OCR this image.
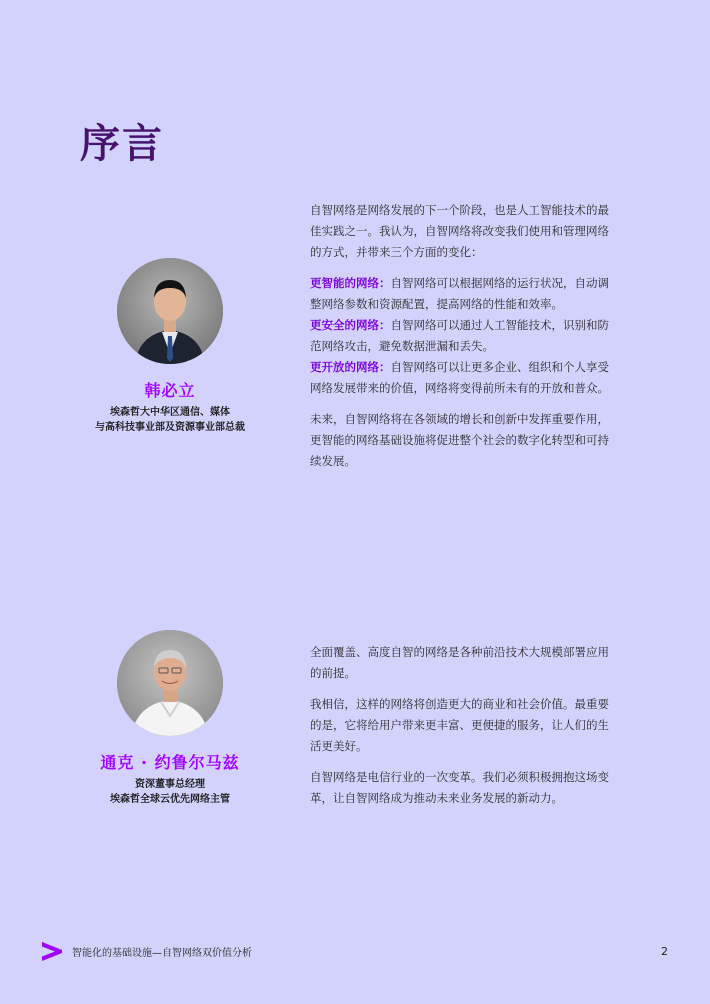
序言
韩必立
埃森哲大中华区通信、媒体
与高科技事业部及资源事业部总裁

自智网络是网络发展的下一个阶段，也是人工智能技术的最佳实践之一。我认为，自智网络将改变我们使用和管理网络的方式，并带来三个方面的变化：

更智能的网络：自智网络可以根据网络的运行状况，自动调整网络参数和资源配置，提高网络的性能和效率。

更安全的网络：自智网络可以通过人工智能技术，识别和防范网络攻击，避免数据泄漏和丢失。

更开放的网络：自智网络可以让更多企业、组织和个人享受网络发展带来的价值，网络将变得前所未有的开放和普众。

未来，自智网络将在各领域的增长和创新中发挥重要作用，更智能的网络基础设施将促进整个社会的数字化转型和可持续发展。

通克 · 约鲁尔马兹
资深董事总经理
埃森哲全球云优先网络主管

全面覆盖、高度自智的网络是各种前沿技术大规模部署应用的前提。

我相信，这样的网络将创造更大的商业和社会价值。最重要的是，它将给用户带来更丰富、更便捷的服务，让人们的生活更美好。

自智网络是电信行业的一次变革。我们必须积极拥抱这场变革，让自智网络成为推动未来业务发展的新动力。

智能化的基础设施—自智网络双价值分析	2
